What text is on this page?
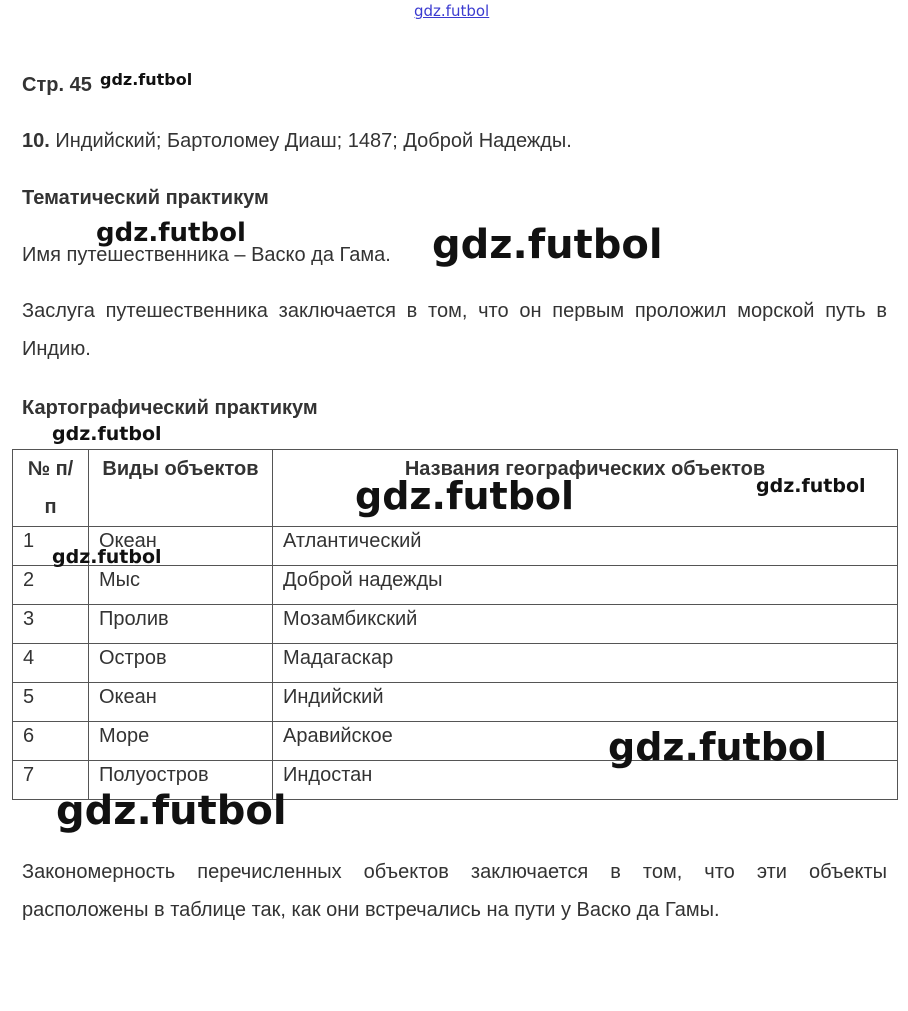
gdz.futbol
Стр. 45 gdz.futbol
10. Индийский; Бартоломеу Диаш; 1487; Доброй Надежды.
Тематический практикум
gdz.futbol
Имя путешественника – Васко да Гама. gdz.futbol
Заслуга путешественника заключается в том, что он первым проложил морской путь в Индию.
Картографический практикум
gdz.futbol
№ п/п	Виды объектов	Названия географических объектов
1	Океан	Атлантический
2	Мыс	Доброй надежды
3	Пролив	Мозамбикский
4	Остров	Мадагаскар
5	Океан	Индийский
6	Море	Аравийское
7	Полуостров	Индостан
gdz.futbol	gdz.futbol
gdz.futbol
gdz.futbol
gdz.futbol
Закономерность перечисленных объектов заключается в том, что эти объекты расположены в таблице так, как они встречались на пути у Васко да Гамы.
